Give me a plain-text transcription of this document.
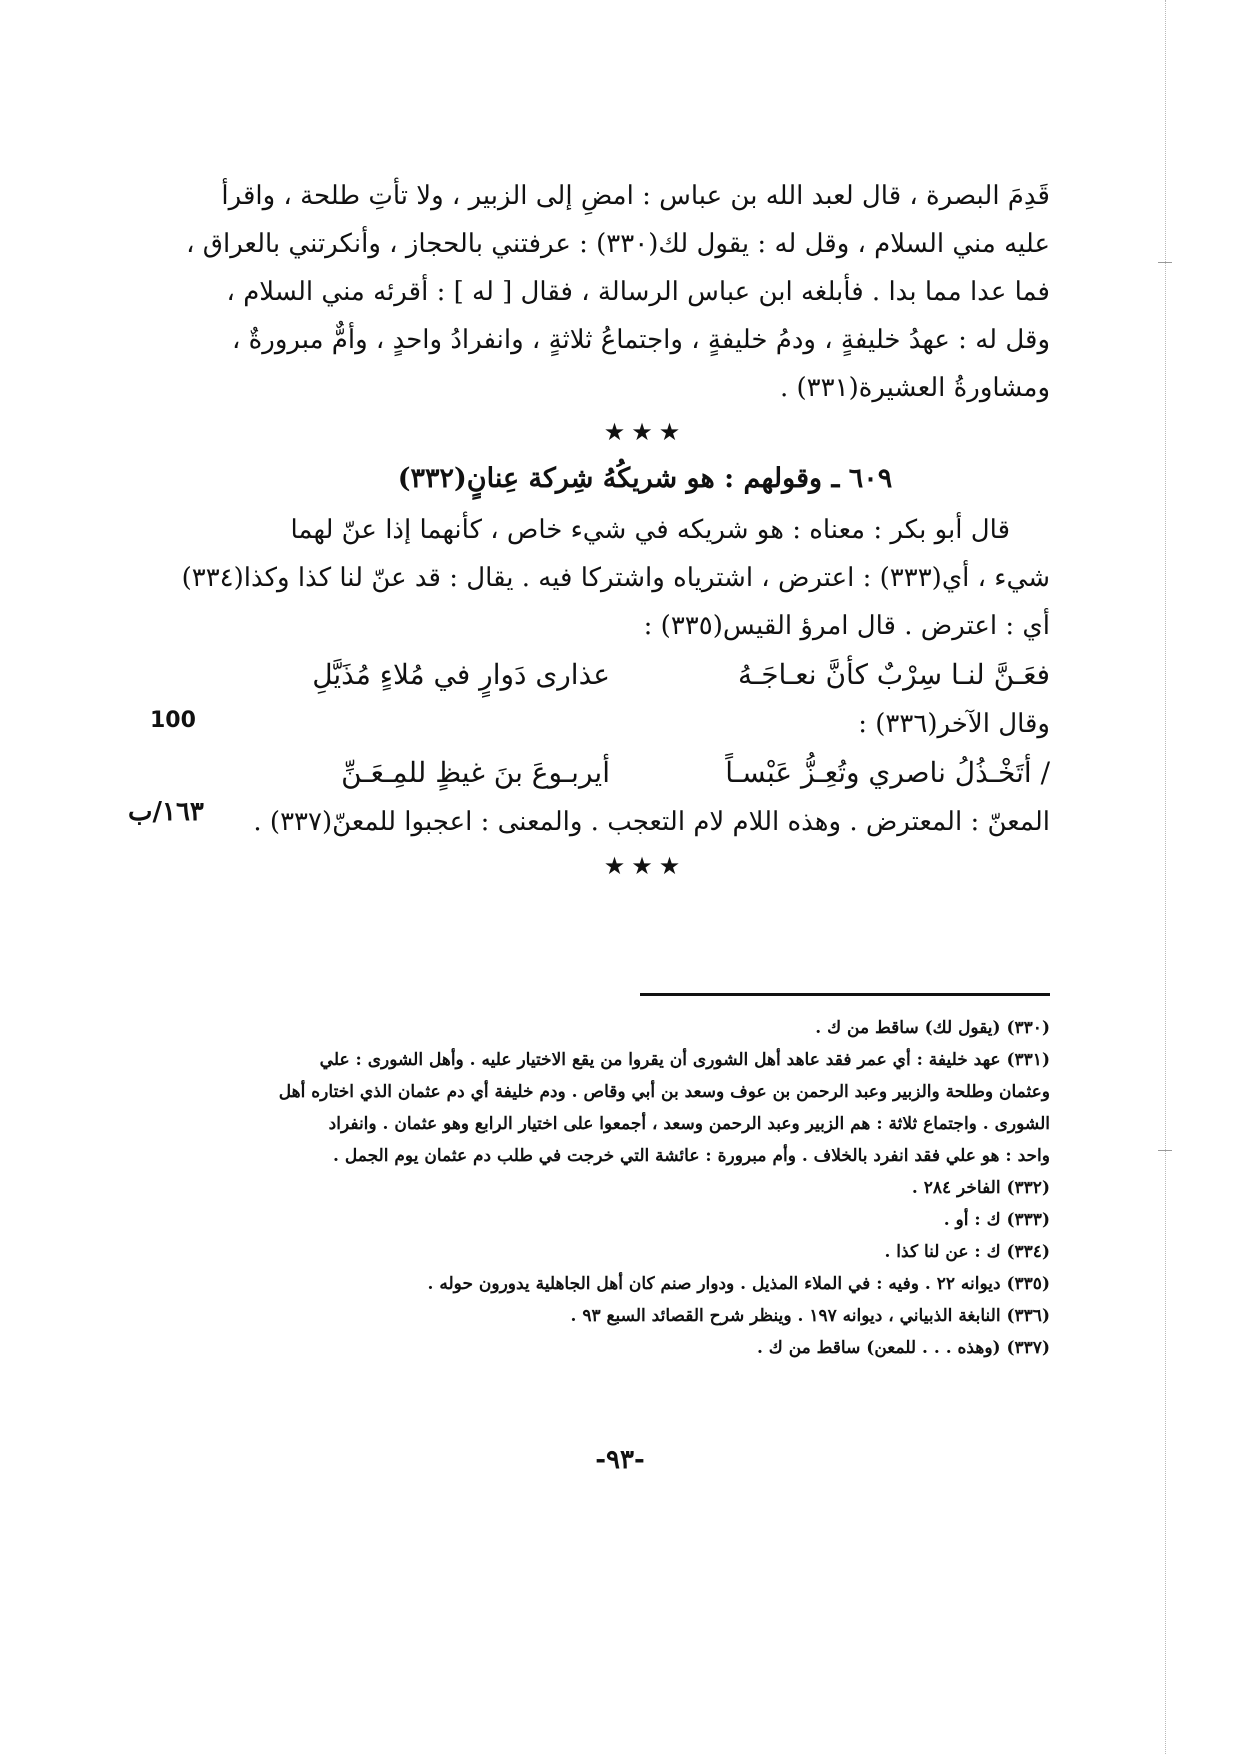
100
١٦٣/ب
قَدِمَ البصرة ، قال لعبد الله بن عباس : امضِ إلى الزبير ، ولا تأتِ طلحة ، واقرأ
عليه مني السلام ، وقل له : يقول لك(٣٣٠) : عرفتني بالحجاز ، وأنكرتني بالعراق ،
فما عدا مما بدا . فأبلغه ابن عباس الرسالة ، فقال [ له ] : أقرئه مني السلام ،
وقل له : عهدُ خليفةٍ ، ودمُ خليفةٍ ، واجتماعُ ثلاثةٍ ، وانفرادُ واحدٍ ، وأمٌّ مبرورةٌ ،
ومشاورةُ العشيرة(٣٣١) .
★★★
٦٠٩ ـ وقولهم : هو شريكُهُ شِركة عِنانٍ(٣٣٢)
قال أبو بكر : معناه : هو شريكه في شيء خاص ، كأنهما إذا عنّ لهما
شيء ، أي(٣٣٣) : اعترض ، اشترياه واشتركا فيه . يقال : قد عنّ لنا كذا وكذا(٣٣٤)
أي : اعترض . قال امرؤ القيس(٣٣٥) :
فعَـنَّ لنـا سِرْبٌ كأنَّ نعـاجَـهُ
عذارى دَوارٍ في مُلاءٍ مُذَيَّلِ
وقال الآخر(٣٣٦) :
/ أتَخْـذُلُ ناصري وتُعِـزُّ عَبْسـاً
أيربـوعَ بنَ غيظٍ للمِـعَـنِّ
المعنّ : المعترض . وهذه اللام لام التعجب . والمعنى : اعجبوا للمعنّ(٣٣٧) .
★★★
(٣٣٠) (يقول لك) ساقط من ك .
(٣٣١) عهد خليفة : أي عمر فقد عاهد أهل الشورى أن يقروا من يقع الاختيار عليه . وأهل الشورى : علي
وعثمان وطلحة والزبير وعبد الرحمن بن عوف وسعد بن أبي وقاص . ودم خليفة أي دم عثمان الذي اختاره أهل
الشورى . واجتماع ثلاثة : هم الزبير وعبد الرحمن وسعد ، أجمعوا على اختيار الرابع وهو عثمان . وانفراد
واحد : هو علي فقد انفرد بالخلاف . وأم مبرورة : عائشة التي خرجت في طلب دم عثمان يوم الجمل .
(٣٣٢) الفاخر ٢٨٤ .
(٣٣٣) ك : أو .
(٣٣٤) ك : عن لنا كذا .
(٣٣٥) ديوانه ٢٢ . وفيه : في الملاء المذيل . ودوار صنم كان أهل الجاهلية يدورون حوله .
(٣٣٦) النابغة الذبياني ، ديوانه ١٩٧ . وينظر شرح القصائد السبع ٩٣ .
(٣٣٧) (وهذه . . . للمعن) ساقط من ك .
-٩٣-
